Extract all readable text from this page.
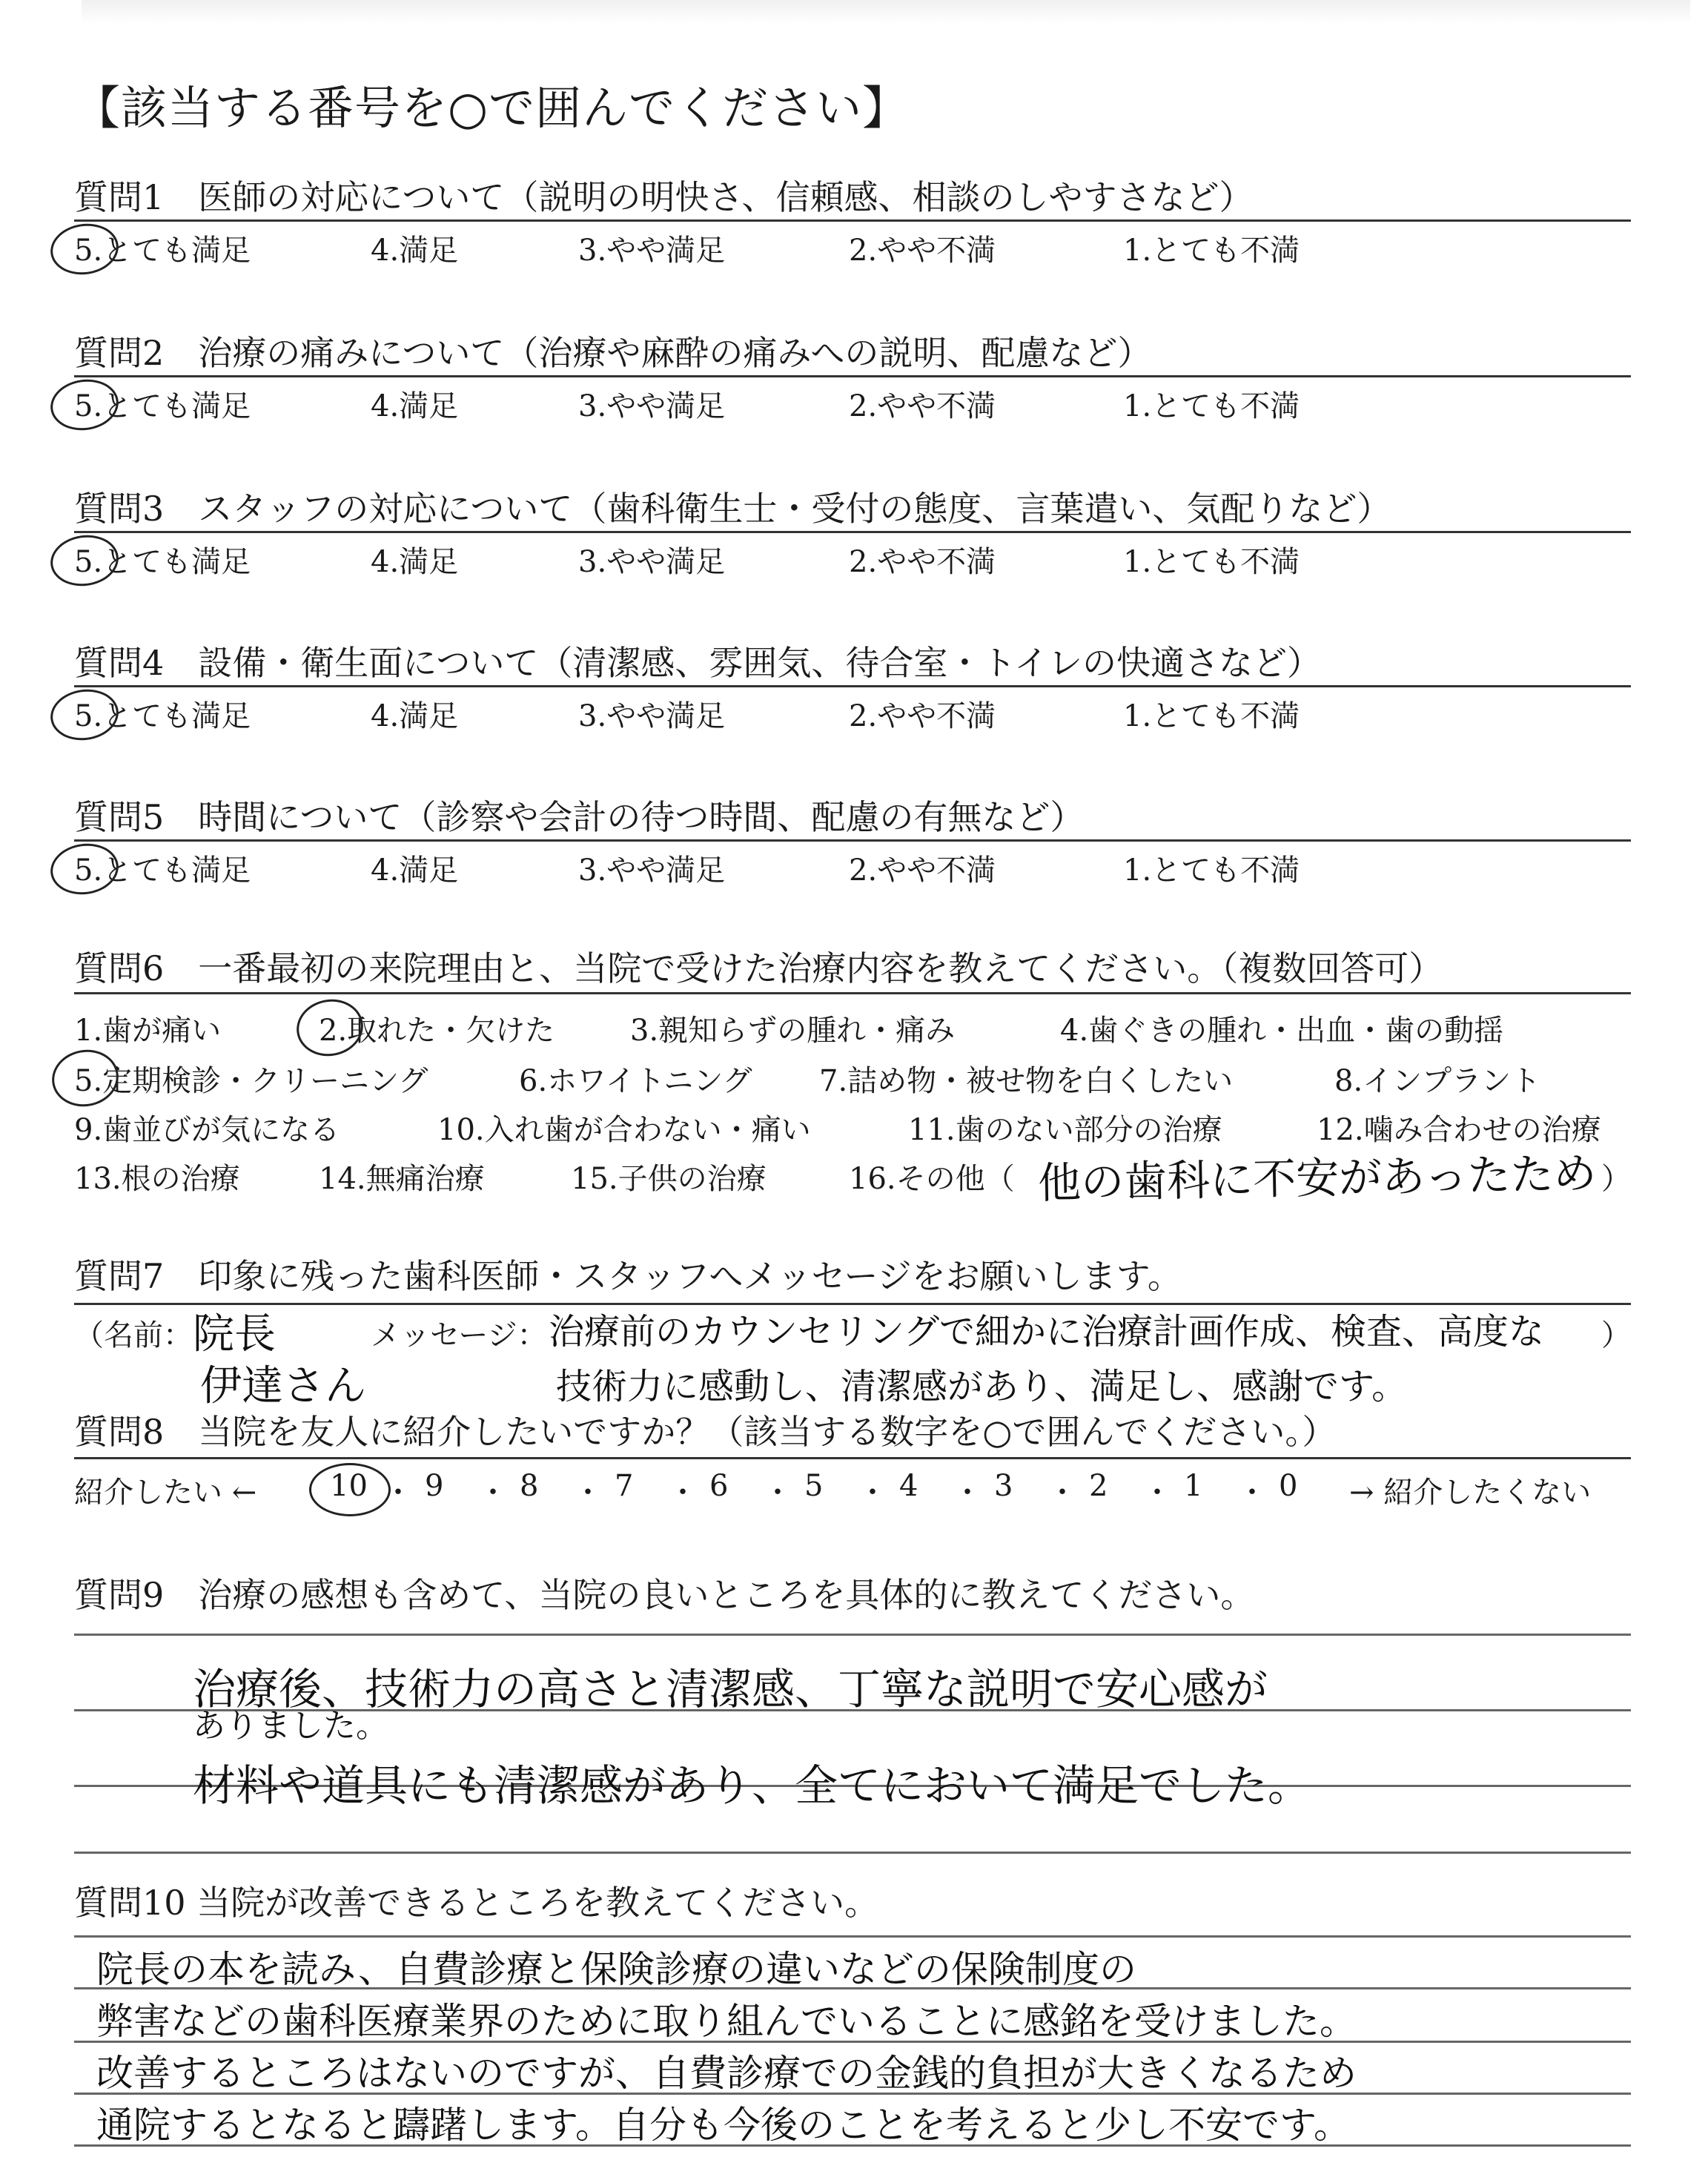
【該当する番号を○で囲んでください】
質問1　医師の対応について（説明の明快さ、信頼感、相談のしやすさなど）
5.とても満足	4.満足	3.やや満足	2.やや不満	1.とても不満
質問2　治療の痛みについて（治療や麻酔の痛みへの説明、配慮など）
5.とても満足	4.満足	3.やや満足	2.やや不満	1.とても不満
質問3　スタッフの対応について（歯科衛生士・受付の態度、言葉遣い、気配りなど）
5.とても満足	4.満足	3.やや満足	2.やや不満	1.とても不満
質問4　設備・衛生面について（清潔感、雰囲気、待合室・トイレの快適さなど）
5.とても満足	4.満足	3.やや満足	2.やや不満	1.とても不満
質問5　時間について（診察や会計の待つ時間、配慮の有無など）
5.とても満足	4.満足	3.やや満足	2.やや不満	1.とても不満
質問6　一番最初の来院理由と、当院で受けた治療内容を教えてください。（複数回答可）
1.歯が痛い	2.取れた・欠けた	3.親知らずの腫れ・痛み	4.歯ぐきの腫れ・出血・歯の動揺
5.定期検診・クリーニング	6.ホワイトニング 7.詰め物・被せ物を白くしたい	8.インプラント
9.歯並びが気になる	10.入れ歯が合わない・痛い	11.歯のない部分の治療	12.噛み合わせの治療
13.根の治療	14.無痛治療	15.子供の治療	16.その他（ 他の歯科に不安があったため ）
質問7　印象に残った歯科医師・スタッフへメッセージをお願いします。
（名前： 院長
伊達さん
メッセージ： 治療前のカウンセリングで細かに治療計画作成、検査、高度な
技術力に感動し、清潔感があり、満足し、感謝です。
）
質問8　当院を友人に紹介したいですか？（該当する数字を○で囲んでください。）
紹介したい ← 10 ・ 9 ・ 8 ・ 7 ・ 6 ・ 5 ・ 4 ・ 3 ・ 2 ・ 1 ・ 0 → 紹介したくない
質問9　治療の感想も含めて、当院の良いところを具体的に教えてください。
治療後、技術力の高さと清潔感、丁寧な説明で安心感が
ありました。
材料や道具にも清潔感があり、全てにおいて満足でした。
質問10 当院が改善できるところを教えてください。
院長の本を読み、自費診療と保険診療の違いなどの保険制度の
弊害などの歯科医療業界のために取り組んでいることに感銘を受けました。
改善するところはないのですが、自費診療での金銭的負担が大きくなるため
通院するとなると躊躇します。自分も今後のことを考えると少し不安です。
